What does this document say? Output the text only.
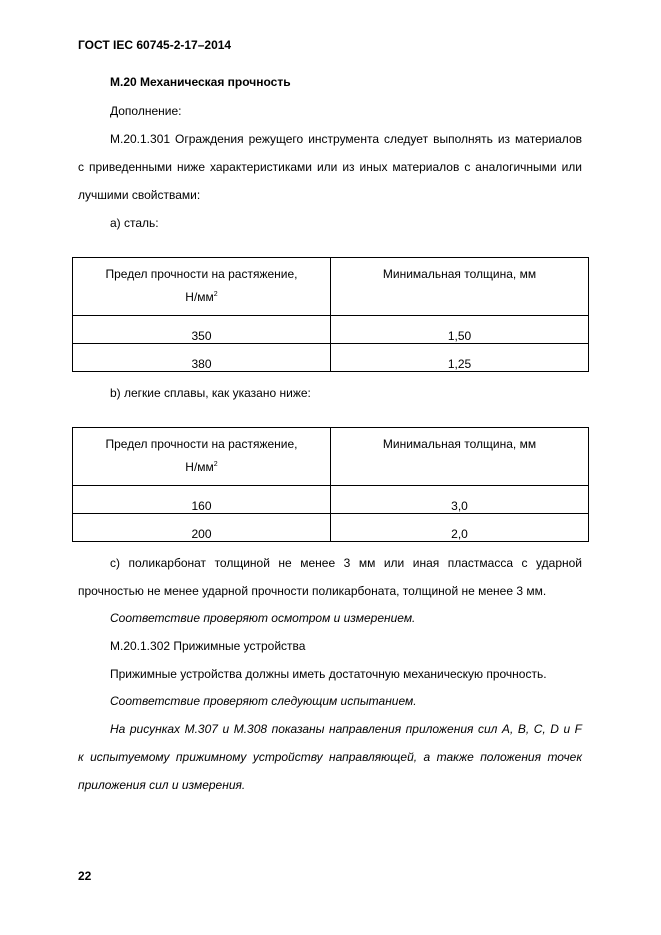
ГОСТ IEC 60745-2-17–2014
М.20 Механическая прочность
Дополнение:
М.20.1.301 Ограждения режущего инструмента следует выполнять из материалов
с приведенными ниже характеристиками или из иных материалов с аналогичными или
лучшими свойствами:
a) сталь:
Предел прочности на растяжение,
$Н/мм^2$	Минимальная толщина, мм

350	1,50
380	1,25
b) легкие сплавы, как указано ниже:
Предел прочности на растяжение,
$Н/мм^2$	Минимальная толщина, мм

160	3,0
200	2,0
c) поликарбонат толщиной не менее 3 мм или иная пластмасса с ударной
прочностью не менее ударной прочности поликарбоната, толщиной не менее 3 мм.
Соответствие проверяют осмотром и измерением.
М.20.1.302 Прижимные устройства
Прижимные устройства должны иметь достаточную механическую прочность.
Соответствие проверяют следующим испытанием.
На рисунках М.307 и М.308 показаны направления приложения сил A, B, C, D и F
к испытуемому прижимному устройству направляющей, а также положения точек
приложения сил и измерения.
22
